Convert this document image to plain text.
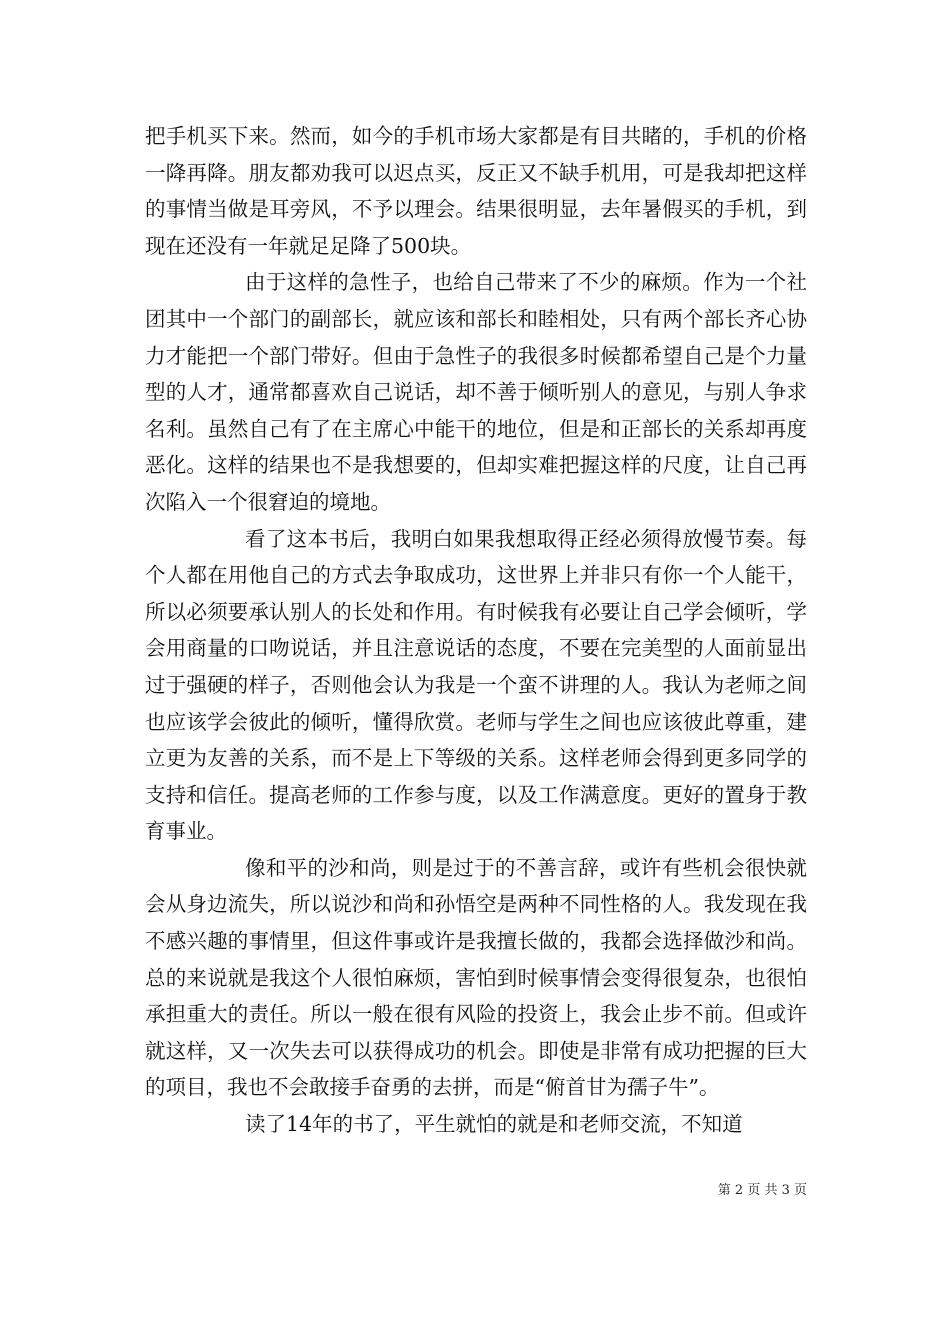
把手机买下来。然而，如今的手机市场大家都是有目共睹的，手机的价格一降再降。朋友都劝我可以迟点买，反正又不缺手机用，可是我却把这样的事情当做是耳旁风，不予以理会。结果很明显，去年暑假买的手机，到现在还没有一年就足足降了500块。

由于这样的急性子，也给自己带来了不少的麻烦。作为一个社团其中一个部门的副部长，就应该和部长和睦相处，只有两个部长齐心协力才能把一个部门带好。但由于急性子的我很多时候都希望自己是个力量型的人才，通常都喜欢自己说话，却不善于倾听别人的意见，与别人争求名利。虽然自己有了在主席心中能干的地位，但是和正部长的关系却再度恶化。这样的结果也不是我想要的，但却实难把握这样的尺度，让自己再次陷入一个很窘迫的境地。

看了这本书后，我明白如果我想取得正经必须得放慢节奏。每个人都在用他自己的方式去争取成功，这世界上并非只有你一个人能干，所以必须要承认别人的长处和作用。有时候我有必要让自己学会倾听，学会用商量的口吻说话，并且注意说话的态度，不要在完美型的人面前显出过于强硬的样子，否则他会认为我是一个蛮不讲理的人。我认为老师之间也应该学会彼此的倾听，懂得欣赏。老师与学生之间也应该彼此尊重，建立更为友善的关系，而不是上下等级的关系。这样老师会得到更多同学的支持和信任。提高老师的工作参与度，以及工作满意度。更好的置身于教育事业。

像和平的沙和尚，则是过于的不善言辞，或许有些机会很快就会从身边流失，所以说沙和尚和孙悟空是两种不同性格的人。我发现在我不感兴趣的事情里，但这件事或许是我擅长做的，我都会选择做沙和尚。总的来说就是我这个人很怕麻烦，害怕到时候事情会变得很复杂，也很怕承担重大的责任。所以一般在很有风险的投资上，我会止步不前。但或许就这样，又一次失去可以获得成功的机会。即使是非常有成功把握的巨大的项目，我也不会敢接手奋勇的去拼，而是“俯首甘为孺子牛”。

读了14年的书了，平生就怕的就是和老师交流，不知道

第 2 页 共 3 页
